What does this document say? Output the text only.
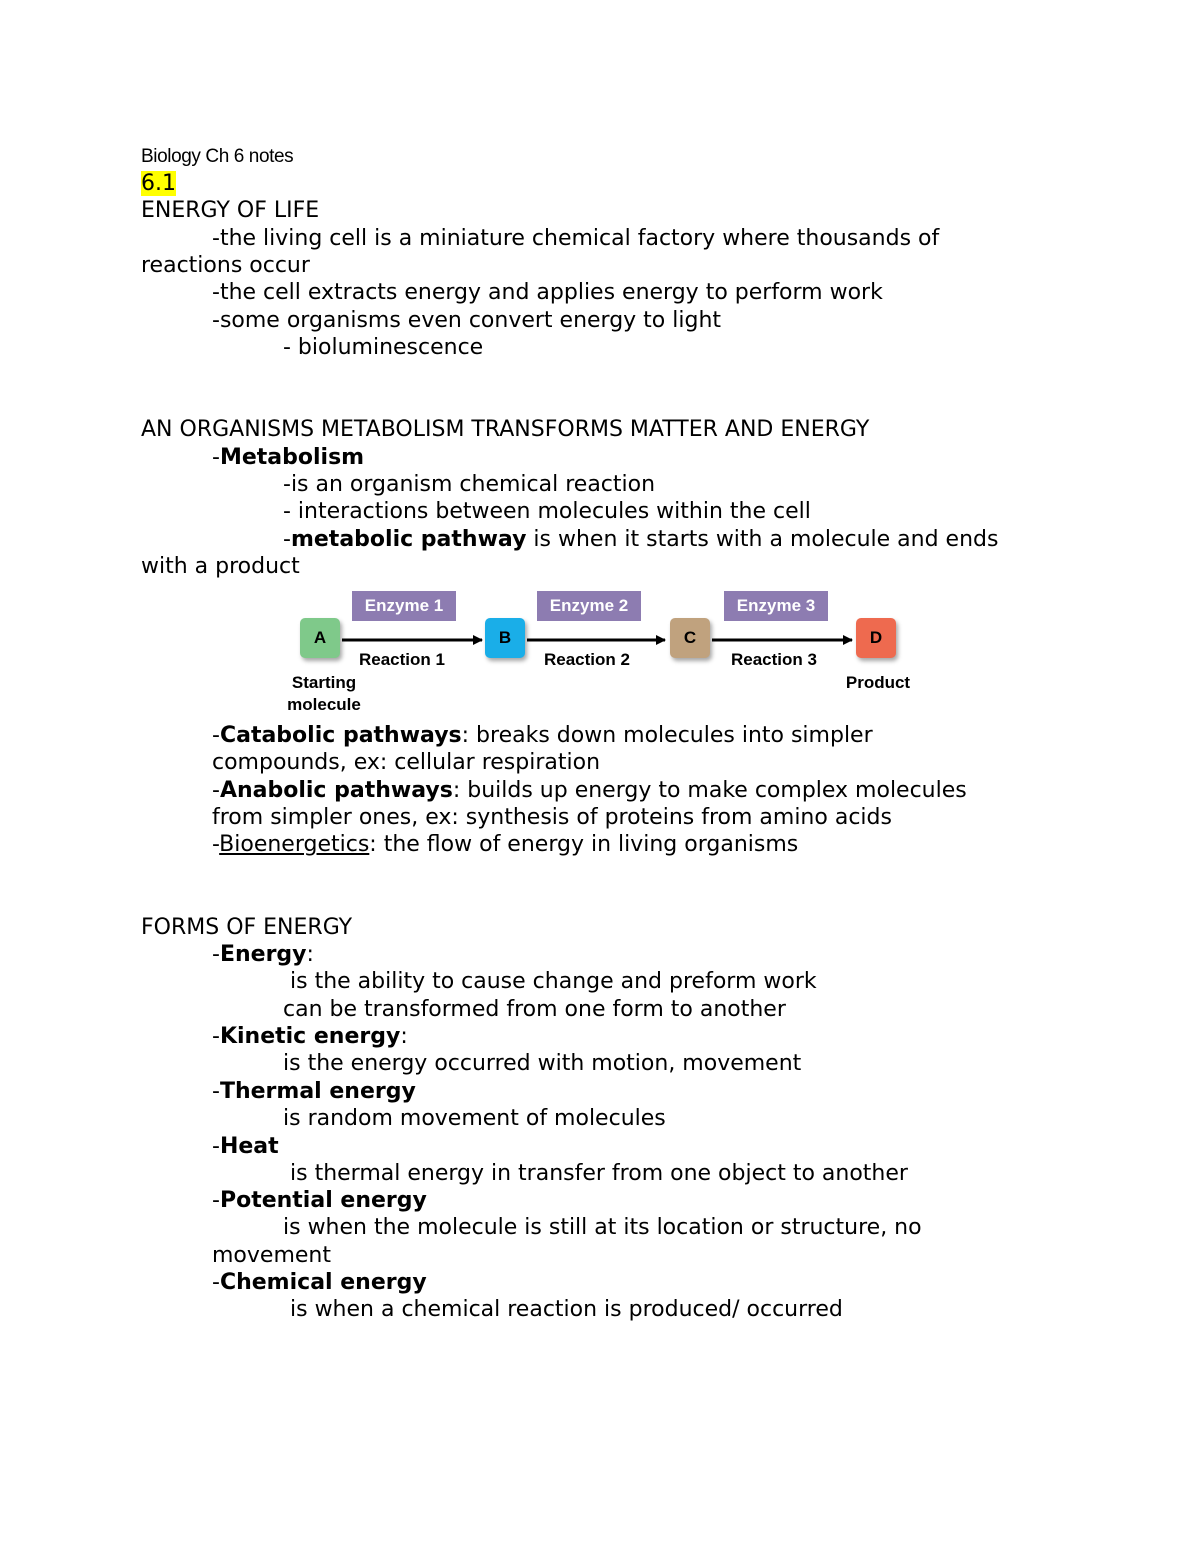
Biology Ch 6 notes
6.1
ENERGY OF LIFE
-the living cell is a miniature chemical factory where thousands of
reactions occur
-the cell extracts energy and applies energy to perform work
-some organisms even convert energy to light
- bioluminescence
AN ORGANISMS METABOLISM TRANSFORMS MATTER AND ENERGY
-Metabolism
-is an organism chemical reaction
- interactions between molecules within the cell
-metabolic pathway is when it starts with a molecule and ends
with a product
Enzyme 1	Enzyme 2	Enzyme 3
A	B	C	D
Reaction 1	Reaction 2	Reaction 3
Starting
molecule
Product
-Catabolic pathways: breaks down molecules into simpler
compounds, ex: cellular respiration
-Anabolic pathways: builds up energy to make complex molecules
from simpler ones, ex: synthesis of proteins from amino acids
-Bioenergetics: the flow of energy in living organisms
FORMS OF ENERGY
-Energy:
is the ability to cause change and preform work
can be transformed from one form to another
-Kinetic energy:
is the energy occurred with motion, movement
-Thermal energy
is random movement of molecules
-Heat
is thermal energy in transfer from one object to another
-Potential energy
is when the molecule is still at its location or structure, no
movement
-Chemical energy
is when a chemical reaction is produced/ occurred
